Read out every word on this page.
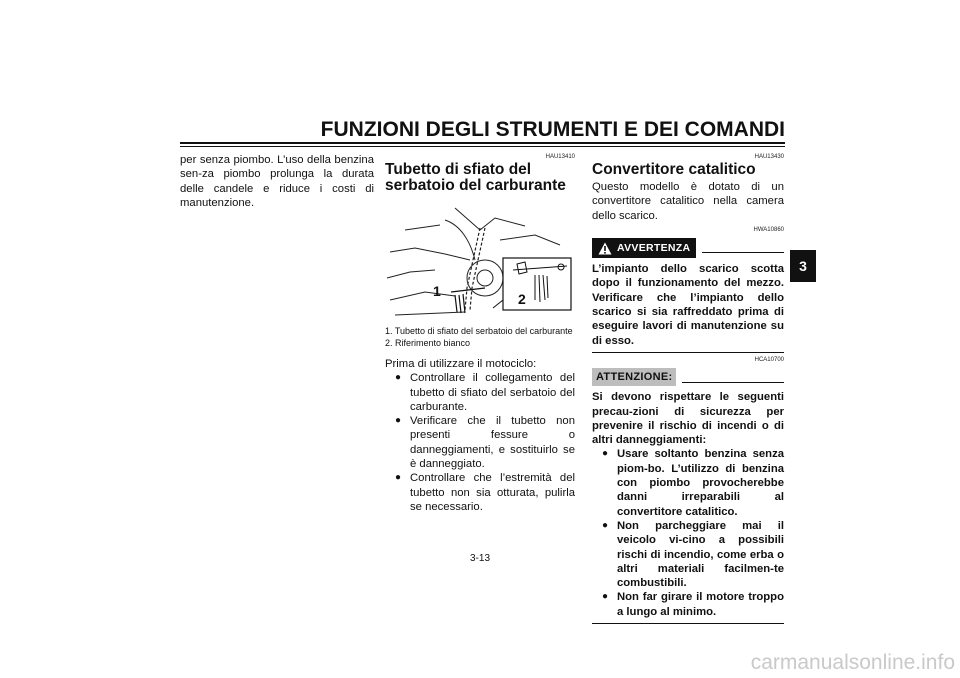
FUNZIONI DEGLI STRUMENTI E DEI COMANDI
3
per senza piombo. L’uso della benzina sen-za piombo prolunga la durata delle candele e riduce i costi di manutenzione.
HAU13410
Tubetto di sfiato del serbatoio del carburante
1	2
1. Tubetto di sfiato del serbatoio del carburante
2. Riferimento bianco
Prima di utilizzare il motociclo:
● Controllare il collegamento del tubetto di sfiato del serbatoio del carburante.
● Verificare che il tubetto non presenti fessure o danneggiamenti, e sostituirlo se è danneggiato.
● Controllare che l’estremità del tubetto non sia otturata, pulirla se necessario.
HAU13430
Convertitore catalitico
Questo modello è dotato di un convertitore catalitico nella camera dello scarico.
HWA10860
AVVERTENZA
L’impianto dello scarico scotta dopo il funzionamento del mezzo. Verificare che l’impianto dello scarico si sia raffreddato prima di eseguire lavori di manutenzione su di esso.
HCA10700
ATTENZIONE:
Si devono rispettare le seguenti precau-zioni di sicurezza per prevenire il rischio di incendi o di altri danneggiamenti:
● Usare soltanto benzina senza piom-bo. L’utilizzo di benzina con piombo provocherebbe danni irreparabili al convertitore catalitico.
● Non parcheggiare mai il veicolo vi-cino a possibili rischi di incendio, come erba o altri materiali facilmen-te combustibili.
● Non far girare il motore troppo a lungo al minimo.
3-13
carmanualsonline.info
